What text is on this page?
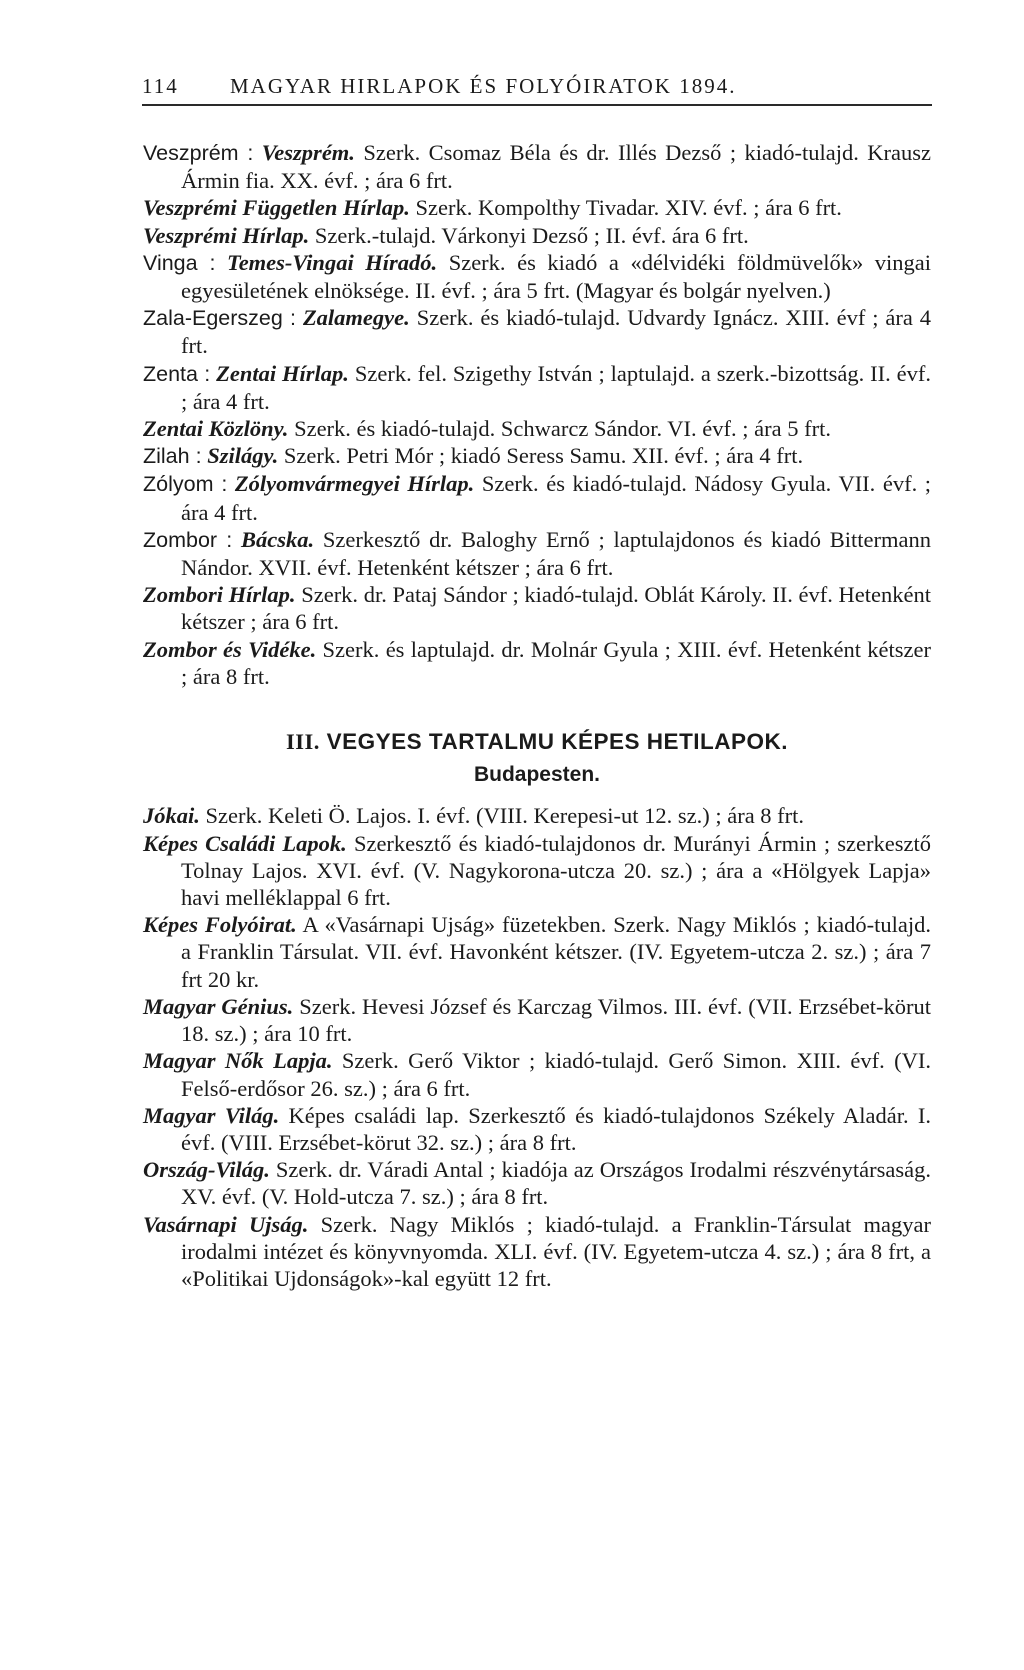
114	MAGYAR HIRLAPOK ÉS FOLYÓIRATOK 1894.

Veszprém : Veszprém. Szerk. Csomaz Béla és dr. Illés Dezső ; kiadó-tulajd. Krausz Ármin fia. XX. évf. ; ára 6 frt.

Veszprémi Független Hírlap. Szerk. Kompolthy Tivadar. XIV. évf. ; ára 6 frt.

Veszprémi Hírlap. Szerk.-tulajd. Várkonyi Dezső ; II. évf. ára 6 frt.

Vinga : Temes-Vingai Híradó. Szerk. és kiadó a «délvidéki földmüvelők» vingai egyesületének elnöksége. II. évf. ; ára 5 frt. (Magyar és bolgár nyelven.)

Zala-Egerszeg : Zalamegye. Szerk. és kiadó-tulajd. Udvardy Ignácz. XIII. évf ; ára 4 frt.

Zenta : Zentai Hírlap. Szerk. fel. Szigethy István ; laptulajd. a szerk.-bizottság. II. évf. ; ára 4 frt.

Zentai Közlöny. Szerk. és kiadó-tulajd. Schwarcz Sándor. VI. évf. ; ára 5 frt.

Zilah : Szilágy. Szerk. Petri Mór ; kiadó Seress Samu. XII. évf. ; ára 4 frt.

Zólyom : Zólyomvármegyei Hírlap. Szerk. és kiadó-tulajd. Nádosy Gyula. VII. évf. ; ára 4 frt.

Zombor : Bácska. Szerkesztő dr. Baloghy Ernő ; laptulajdonos és kiadó Bittermann Nándor. XVII. évf. Hetenként kétszer ; ára 6 frt.

Zombori Hírlap. Szerk. dr. Pataj Sándor ; kiadó-tulajd. Oblát Károly. II. évf. Hetenként kétszer ; ára 6 frt.

Zombor és Vidéke. Szerk. és laptulajd. dr. Molnár Gyula ; XIII. évf. Hetenként kétszer ; ára 8 frt.

III. VEGYES TARTALMU KÉPES HETILAPOK.

Budapesten.

Jókai. Szerk. Keleti Ö. Lajos. I. évf. (VIII. Kerepesi-ut 12. sz.) ; ára 8 frt.

Képes Családi Lapok. Szerkesztő és kiadó-tulajdonos dr. Murányi Ármin ; szerkesztő Tolnay Lajos. XVI. évf. (V. Nagykorona-utcza 20. sz.) ; ára a «Hölgyek Lapja» havi melléklappal 6 frt.

Képes Folyóirat. A «Vasárnapi Ujság» füzetekben. Szerk. Nagy Miklós ; kiadó-tulajd. a Franklin Társulat. VII. évf. Havonként kétszer. (IV. Egyetem-utcza 2. sz.) ; ára 7 frt 20 kr.

Magyar Génius. Szerk. Hevesi József és Karczag Vilmos. III. évf. (VII. Erzsébet-körut 18. sz.) ; ára 10 frt.

Magyar Nők Lapja. Szerk. Gerő Viktor ; kiadó-tulajd. Gerő Simon. XIII. évf. (VI. Felső-erdősor 26. sz.) ; ára 6 frt.

Magyar Világ. Képes családi lap. Szerkesztő és kiadó-tulajdonos Székely Aladár. I. évf. (VIII. Erzsébet-körut 32. sz.) ; ára 8 frt.

Ország-Világ. Szerk. dr. Váradi Antal ; kiadója az Országos Irodalmi részvénytársaság. XV. évf. (V. Hold-utcza 7. sz.) ; ára 8 frt.

Vasárnapi Ujság. Szerk. Nagy Miklós ; kiadó-tulajd. a Franklin-Társulat magyar irodalmi intézet és könyvnyomda. XLI. évf. (IV. Egyetem-utcza 4. sz.) ; ára 8 frt, a «Politikai Ujdonságok»-kal együtt 12 frt.
